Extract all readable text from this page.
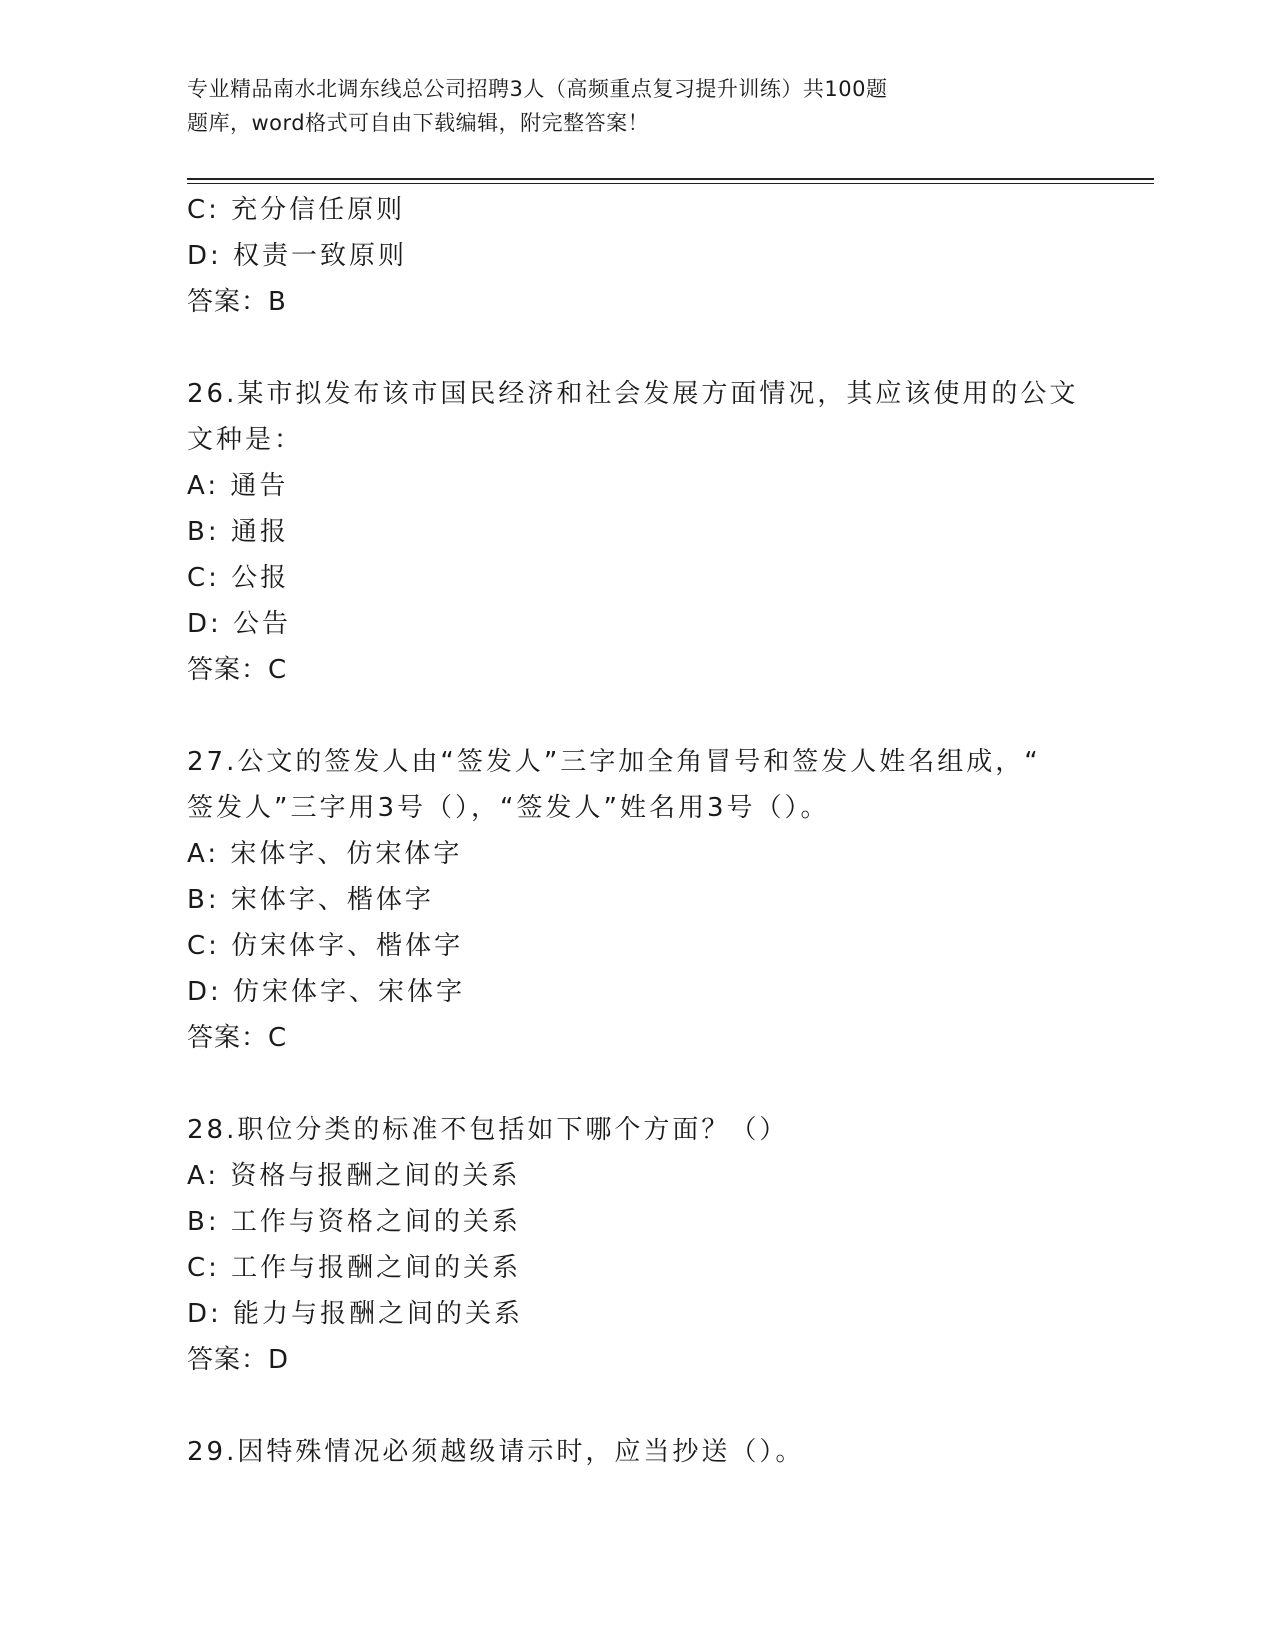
专业精品南水北调东线总公司招聘3人（高频重点复习提升训练）共100题
题库，word格式可自由下载编辑，附完整答案！
C: 充分信任原则
D: 权责一致原则
答案：B
26.某市拟发布该市国民经济和社会发展方面情况，其应该使用的公文
文种是：
A: 通告
B: 通报
C: 公报
D: 公告
答案：C
27.公文的签发人由“签发人”三字加全角冒号和签发人姓名组成，“
签发人”三字用3号（），“签发人”姓名用3号（）。
A: 宋体字、仿宋体字
B: 宋体字、楷体字
C: 仿宋体字、楷体字
D: 仿宋体字、宋体字
答案：C
28.职位分类的标准不包括如下哪个方面？（）
A: 资格与报酬之间的关系
B: 工作与资格之间的关系
C: 工作与报酬之间的关系
D: 能力与报酬之间的关系
答案：D
29.因特殊情况必须越级请示时，应当抄送（）。
